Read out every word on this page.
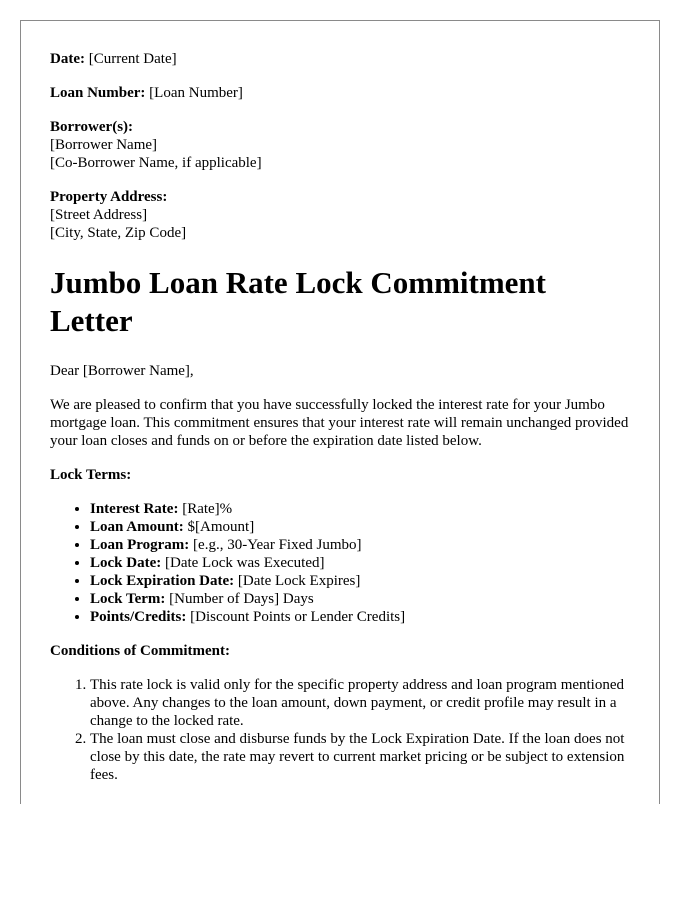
Date: [Current Date]

Loan Number: [Loan Number]

Borrower(s):
[Borrower Name]
[Co-Borrower Name, if applicable]

Property Address:
[Street Address]
[City, State, Zip Code]

Jumbo Loan Rate Lock Commitment Letter

Dear [Borrower Name],

We are pleased to confirm that you have successfully locked the interest rate for your Jumbo mortgage loan. This commitment ensures that your interest rate will remain unchanged provided your loan closes and funds on or before the expiration date listed below.

Lock Terms:

• Interest Rate: [Rate]%
• Loan Amount: $[Amount]
• Loan Program: [e.g., 30-Year Fixed Jumbo]
• Lock Date: [Date Lock was Executed]
• Lock Expiration Date: [Date Lock Expires]
• Lock Term: [Number of Days] Days
• Points/Credits: [Discount Points or Lender Credits]

Conditions of Commitment:

1. This rate lock is valid only for the specific property address and loan program mentioned above. Any changes to the loan amount, down payment, or credit profile may result in a change to the locked rate.
2. The loan must close and disburse funds by the Lock Expiration Date. If the loan does not close by this date, the rate may revert to current market pricing or be subject to extension fees.
